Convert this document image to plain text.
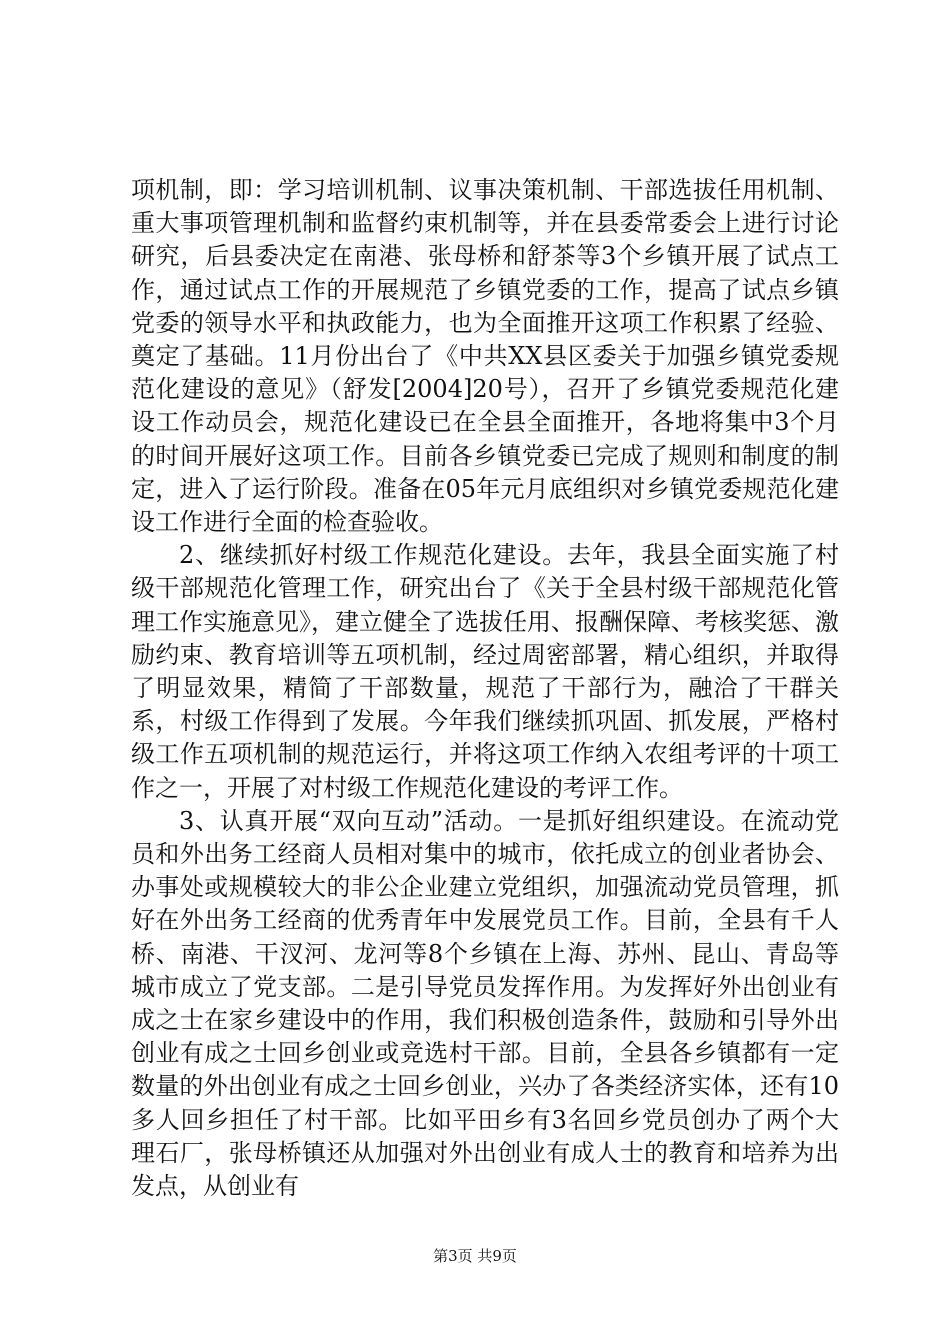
项机制，即：学习培训机制、议事决策机制、干部选拔任用机制、重大事项管理机制和监督约束机制等，并在县委常委会上进行讨论研究，后县委决定在南港、张母桥和舒茶等3个乡镇开展了试点工作，通过试点工作的开展规范了乡镇党委的工作，提高了试点乡镇党委的领导水平和执政能力，也为全面推开这项工作积累了经验、奠定了基础。11月份出台了《中共XX县区委关于加强乡镇党委规范化建设的意见》（舒发[2004]20号），召开了乡镇党委规范化建设工作动员会，规范化建设已在全县全面推开，各地将集中3个月的时间开展好这项工作。目前各乡镇党委已完成了规则和制度的制定，进入了运行阶段。准备在05年元月底组织对乡镇党委规范化建设工作进行全面的检查验收。

2、继续抓好村级工作规范化建设。去年，我县全面实施了村级干部规范化管理工作，研究出台了《关于全县村级干部规范化管理工作实施意见》，建立健全了选拔任用、报酬保障、考核奖惩、激励约束、教育培训等五项机制，经过周密部署，精心组织，并取得了明显效果，精简了干部数量，规范了干部行为，融洽了干群关系，村级工作得到了发展。今年我们继续抓巩固、抓发展，严格村级工作五项机制的规范运行，并将这项工作纳入农组考评的十项工作之一，开展了对村级工作规范化建设的考评工作。

3、认真开展“双向互动”活动。一是抓好组织建设。在流动党员和外出务工经商人员相对集中的城市，依托成立的创业者协会、办事处或规模较大的非公企业建立党组织，加强流动党员管理，抓好在外出务工经商的优秀青年中发展党员工作。目前，全县有千人桥、南港、干汊河、龙河等8个乡镇在上海、苏州、昆山、青岛等城市成立了党支部。二是引导党员发挥作用。为发挥好外出创业有成之士在家乡建设中的作用，我们积极创造条件，鼓励和引导外出创业有成之士回乡创业或竞选村干部。目前，全县各乡镇都有一定数量的外出创业有成之士回乡创业，兴办了各类经济实体，还有10多人回乡担任了村干部。比如平田乡有3名回乡党员创办了两个大理石厂，张母桥镇还从加强对外出创业有成人士的教育和培养为出发点，从创业有

第3页 共9页
